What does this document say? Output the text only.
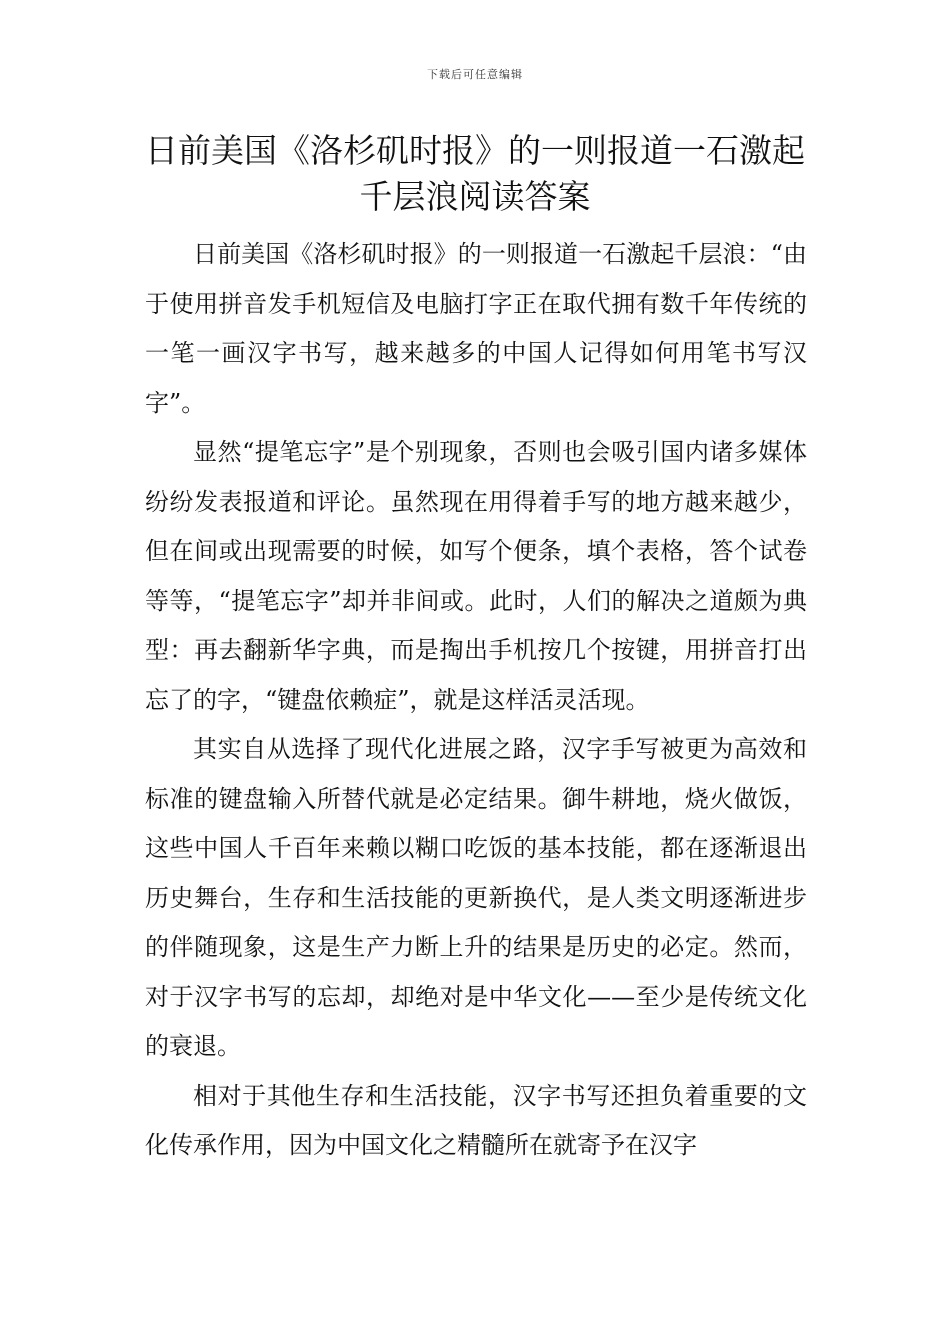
下载后可任意编辑
日前美国《洛杉矶时报》的一则报道一石激起千层浪阅读答案

日前美国《洛杉矶时报》的一则报道一石激起千层浪：“由于使用拼音发手机短信及电脑打字正在取代拥有数千年传统的一笔一画汉字书写，越来越多的中国人记得如何用笔书写汉字”。

显然“提笔忘字”是个别现象，否则也会吸引国内诸多媒体纷纷发表报道和评论。虽然现在用得着手写的地方越来越少，但在间或出现需要的时候，如写个便条，填个表格，答个试卷等等，“提笔忘字”却并非间或。此时，人们的解决之道颇为典型：再去翻新华字典，而是掏出手机按几个按键，用拼音打出忘了的字，“键盘依赖症”，就是这样活灵活现。

其实自从选择了现代化进展之路，汉字手写被更为高效和标准的键盘输入所替代就是必定结果。御牛耕地，烧火做饭，这些中国人千百年来赖以糊口吃饭的基本技能，都在逐渐退出历史舞台，生存和生活技能的更新换代，是人类文明逐渐进步的伴随现象，这是生产力断上升的结果是历史的必定。然而，对于汉字书写的忘却，却绝对是中华文化——至少是传统文化的衰退。

相对于其他生存和生活技能，汉字书写还担负着重要的文化传承作用，因为中国文化之精髓所在就寄予在汉字
